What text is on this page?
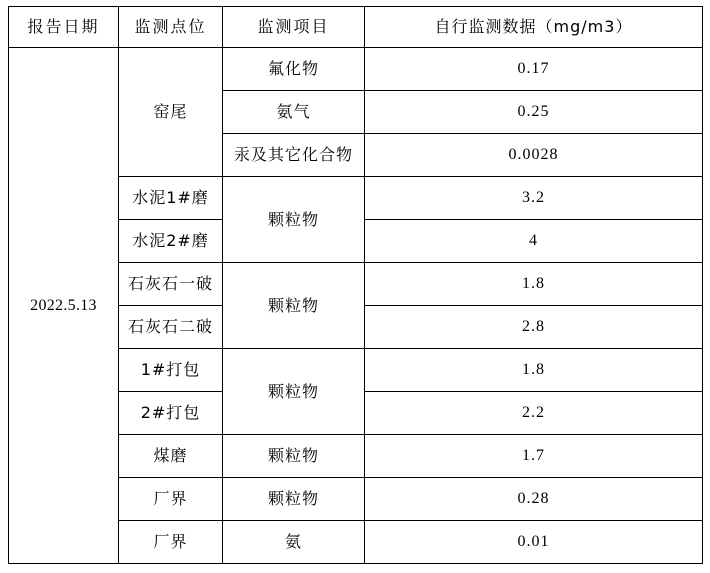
报告日期	监测点位	监测项目	自行监测数据（mg/m3）
2022.5.13	窑尾	氟化物	0.17
		氨气	0.25
		汞及其它化合物	0.0028
	水泥1#磨	颗粒物	3.2
	水泥2#磨		4
	石灰石一破	颗粒物	1.8
	石灰石二破		2.8
	1#打包	颗粒物	1.8
	2#打包		2.2
	煤磨	颗粒物	1.7
	厂界	颗粒物	0.28
	厂界	氨	0.01
